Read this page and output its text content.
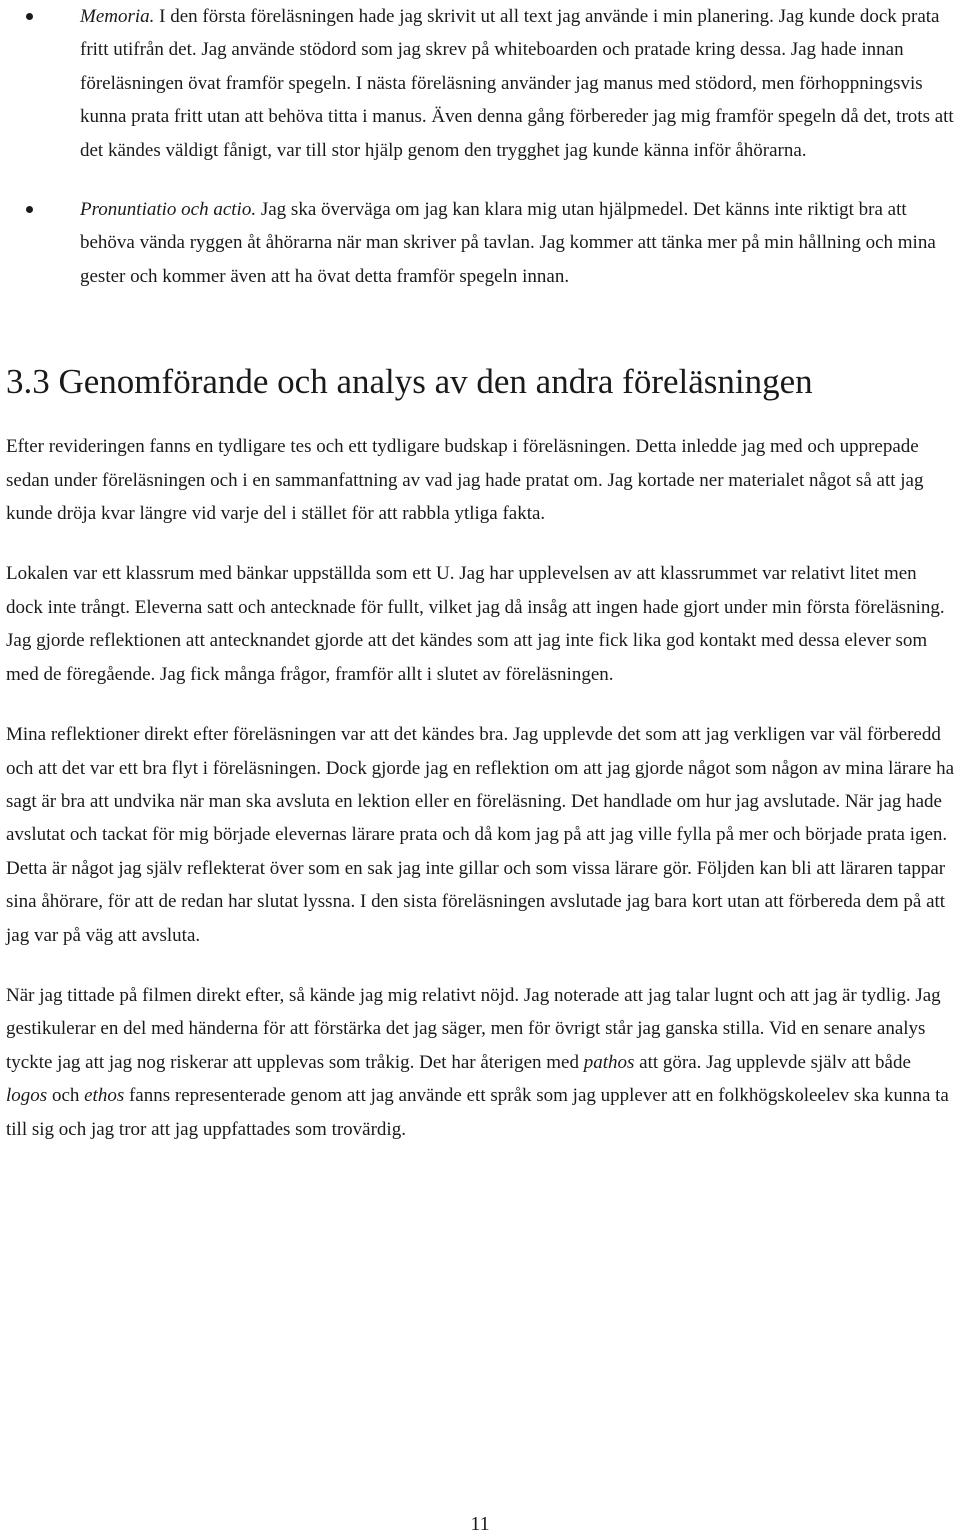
Memoria. I den första föreläsningen hade jag skrivit ut all text jag använde i min planering. Jag kunde dock prata fritt utifrån det. Jag använde stödord som jag skrev på whiteboarden och pratade kring dessa. Jag hade innan föreläsningen övat framför spegeln. I nästa föreläsning använder jag manus med stödord, men förhoppningsvis kunna prata fritt utan att behöva titta i manus. Även denna gång förbereder jag mig framför spegeln då det, trots att det kändes väldigt fånigt, var till stor hjälp genom den trygghet jag kunde känna inför åhörarna.
Pronuntiatio och actio. Jag ska överväga om jag kan klara mig utan hjälpmedel. Det känns inte riktigt bra att behöva vända ryggen åt åhörarna när man skriver på tavlan. Jag kommer att tänka mer på min hållning och mina gester och kommer även att ha övat detta framför spegeln innan.
3.3 Genomförande och analys av den andra föreläsningen

Efter revideringen fanns en tydligare tes och ett tydligare budskap i föreläsningen. Detta inledde jag med och upprepade sedan under föreläsningen och i en sammanfattning av vad jag hade pratat om. Jag kortade ner materialet något så att jag kunde dröja kvar längre vid varje del i stället för att rabbla ytliga fakta.

Lokalen var ett klassrum med bänkar uppställda som ett U. Jag har upplevelsen av att klassrummet var relativt litet men dock inte trångt. Eleverna satt och antecknade för fullt, vilket jag då insåg att ingen hade gjort under min första föreläsning. Jag gjorde reflektionen att antecknandet gjorde att det kändes som att jag inte fick lika god kontakt med dessa elever som med de föregående. Jag fick många frågor, framför allt i slutet av föreläsningen.

Mina reflektioner direkt efter föreläsningen var att det kändes bra. Jag upplevde det som att jag verkligen var väl förberedd och att det var ett bra flyt i föreläsningen. Dock gjorde jag en reflektion om att jag gjorde något som någon av mina lärare ha sagt är bra att undvika när man ska avsluta en lektion eller en föreläsning. Det handlade om hur jag avslutade. När jag hade avslutat och tackat för mig började elevernas lärare prata och då kom jag på att jag ville fylla på mer och började prata igen. Detta är något jag själv reflekterat över som en sak jag inte gillar och som vissa lärare gör. Följden kan bli att läraren tappar sina åhörare, för att de redan har slutat lyssna. I den sista föreläsningen avslutade jag bara kort utan att förbereda dem på att jag var på väg att avsluta.

När jag tittade på filmen direkt efter, så kände jag mig relativt nöjd. Jag noterade att jag talar lugnt och att jag är tydlig. Jag gestikulerar en del med händerna för att förstärka det jag säger, men för övrigt står jag ganska stilla. Vid en senare analys tyckte jag att jag nog riskerar att upplevas som tråkig. Det har återigen med pathos att göra. Jag upplevde själv att både logos och ethos fanns representerade genom att jag använde ett språk som jag upplever att en folkhögskoleelev ska kunna ta till sig och jag tror att jag uppfattades som trovärdig.

11
